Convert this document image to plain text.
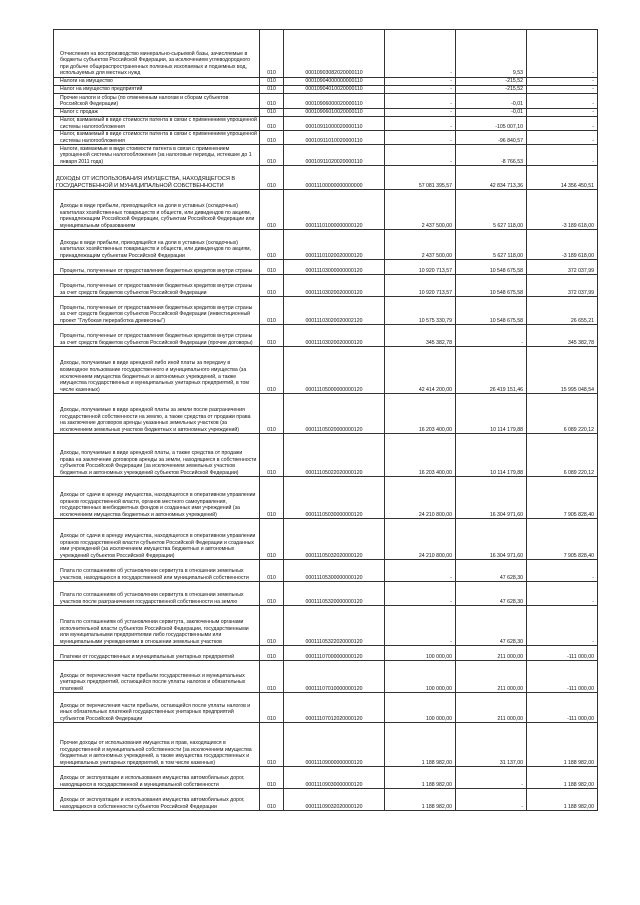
Отчисления на воспроизводство минерально-сырьевой базы, зачисляемые в бюджеты субъектов Российской Федерации, за исключением углеводородного при добыче общераспространенных полезных ископаемых и подземных вод, используемых для местных нужд	010	00010903082020000110	-	9,53	-
Налоги на имущество	010	00010904000000000110	-	-215,52	-
Налог на имущество предприятий	010	00010904010020000110	-	-215,52	-
Прочие налоги и сборы (по отмененным налогам и сборам субъектов Российской Федерации)	010	00010906000020000110	-	-0,01	-
Налог с продаж	010	00010906010020000110	-	-0,01	-
Налог, взимаемый в виде стоимости патента в связи с применением упрощенной системы налогообложения	010	00010911000020000110	-	-105 007,10	-
Налог, взимаемый в виде стоимости патента в связи с применением упрощенной системы налогообложения	010	00010911010020000110	-	-96 840,57	-
Налоги, взимаемые в виде стоимости патента в связи с применением упрощенной системы налогообложения (за налоговые периоды, истекшие до 1 января 2011 года)	010	00010911020020000110	-	-8 766,53	-
ДОХОДЫ ОТ ИСПОЛЬЗОВАНИЯ ИМУЩЕСТВА, НАХОДЯЩЕГОСЯ В ГОСУДАРСТВЕННОЙ И МУНИЦИПАЛЬНОЙ СОБСТВЕННОСТИ	010	00011100000000000000	57 081 395,57	42 834 713,36	14 356 450,51
Доходы в виде прибыли, приходящейся на доли в уставных (складочных) капиталах хозяйственных товариществ и обществ, или дивидендов по акциям, принадлежащим Российской Федерации, субъектам Российской Федерации или муниципальным образованиям	010	00011101000000000120	2 437 500,00	5 627 118,00	-3 189 618,00
Доходы в виде прибыли, приходящейся на доли в уставных (складочных) капиталах хозяйственных товариществ и обществ, или дивидендов по акциям, принадлежащим субъектам Российской Федерации	010	00011101020020000120	2 437 500,00	5 627 118,00	-3 189 618,00
Проценты, полученные от предоставления бюджетных кредитов внутри страны	010	00011103000000000120	10 920 713,57	10 548 675,58	372 037,99
Проценты, полученные от предоставления бюджетных кредитов внутри страны за счет средств бюджетов субъектов Российской Федерации	010	00011103020020000120	10 920 713,57	10 548 675,58	372 037,99
Проценты, полученные от предоставления бюджетных кредитов внутри страны за счет средств бюджетов субъектов Российской Федерации (инвестиционный проект "Глубокая переработка древесины")	010	00011103020020002120	10 575 330,79	10 548 675,58	26 655,21
Проценты, полученные от предоставления бюджетных кредитов внутри страны за счет средств бюджетов субъектов Российской Федерации (прочие договоры)	010	00011103020020000120	345 382,78	-	345 382,78
Доходы, получаемые в виде арендной либо иной платы за передачу в возмездное пользование государственного и муниципального имущества (за исключением имущества бюджетных и автономных учреждений, а также имущества государственных и муниципальных унитарных предприятий, в том числе казенных)	010	00011105000000000120	42 414 200,00	26 419 151,46	15 995 048,54
Доходы, получаемые в виде арендной платы за земли после разграничения государственной собственности на землю, а также средства от продажи права на заключение договоров аренды указанных земельных участков (за исключением земельных участков бюджетных и автономных учреждений)	010	00011105020000000120	16 203 400,00	10 114 179,88	6 089 220,12
Доходы, получаемые в виде арендной платы, а также средства от продажи права на заключение договоров аренды за земли, находящиеся в собственности субъектов Российской Федерации (за исключением земельных участков бюджетных и автономных учреждений субъектов Российской Федерации)	010	00011105022020000120	16 203 400,00	10 114 179,88	6 089 220,12
Доходы от сдачи в аренду имущества, находящегося в оперативном управлении органов государственной власти, органов местного самоуправления, государственных внебюджетных фондов и созданных ими учреждений (за исключением имущества бюджетных и автономных учреждений)	010	00011105030000000120	24 210 800,00	16 304 971,60	7 905 828,40
Доходы от сдачи в аренду имущества, находящегося в оперативном управлении органов государственной власти субъектов Российской Федерации и созданных ими учреждений (за исключением имущества бюджетных и автономных учреждений субъектов Российской Федерации)	010	00011105032020000120	24 210 800,00	16 304 971,60	7 905 828,40
Плата по соглашениям об установлении сервитута в отношении земельных участков, находящихся в государственной или муниципальной собственности	010	00011105300000000120	-	47 628,30	-
Плата по соглашениям об установлении сервитута в отношении земельных участков после разграничения государственной собственности на землю	010	00011105320000000120	-	47 628,30	-
Плата по соглашениям об установлении сервитута, заключенным органами исполнительной власти субъектов Российской Федерации, государственными или муниципальными предприятиями либо государственными или муниципальными учреждениями в отношении земельных участков	010	00011105322020000120	-	47 628,30	-
Платежи от государственных и муниципальных унитарных предприятий	010	00011107000000000120	100 000,00	211 000,00	-111 000,00
Доходы от перечисления части прибыли государственных и муниципальных унитарных предприятий, остающейся после уплаты налогов и обязательных платежей	010	00011107010000000120	100 000,00	211 000,00	-111 000,00
Доходы от перечисления части прибыли, остающейся после уплаты налогов и иных обязательных платежей государственных унитарных предприятий субъектов Российской Федерации	010	00011107012020000120	100 000,00	211 000,00	-111 000,00
Прочие доходы от использования имущества и прав, находящихся в государственной и муниципальной собственности (за исключением имущества бюджетных и автономных учреждений, а также имущества государственных и муниципальных унитарных предприятий, в том числе казенных)	010	00011109000000000120	1 188 982,00	31 137,00	1 188 982,00
Доходы от эксплуатации и использования имущества автомобильных дорог, находящихся в государственной и муниципальной собственности	010	00011109030000000120	1 188 982,00	-	1 188 982,00
Доходы от эксплуатации и использования имущества автомобильных дорог, находящихся в собственности субъектов Российской Федерации	010	00011109032020000120	1 188 982,00	-	1 188 982,00
